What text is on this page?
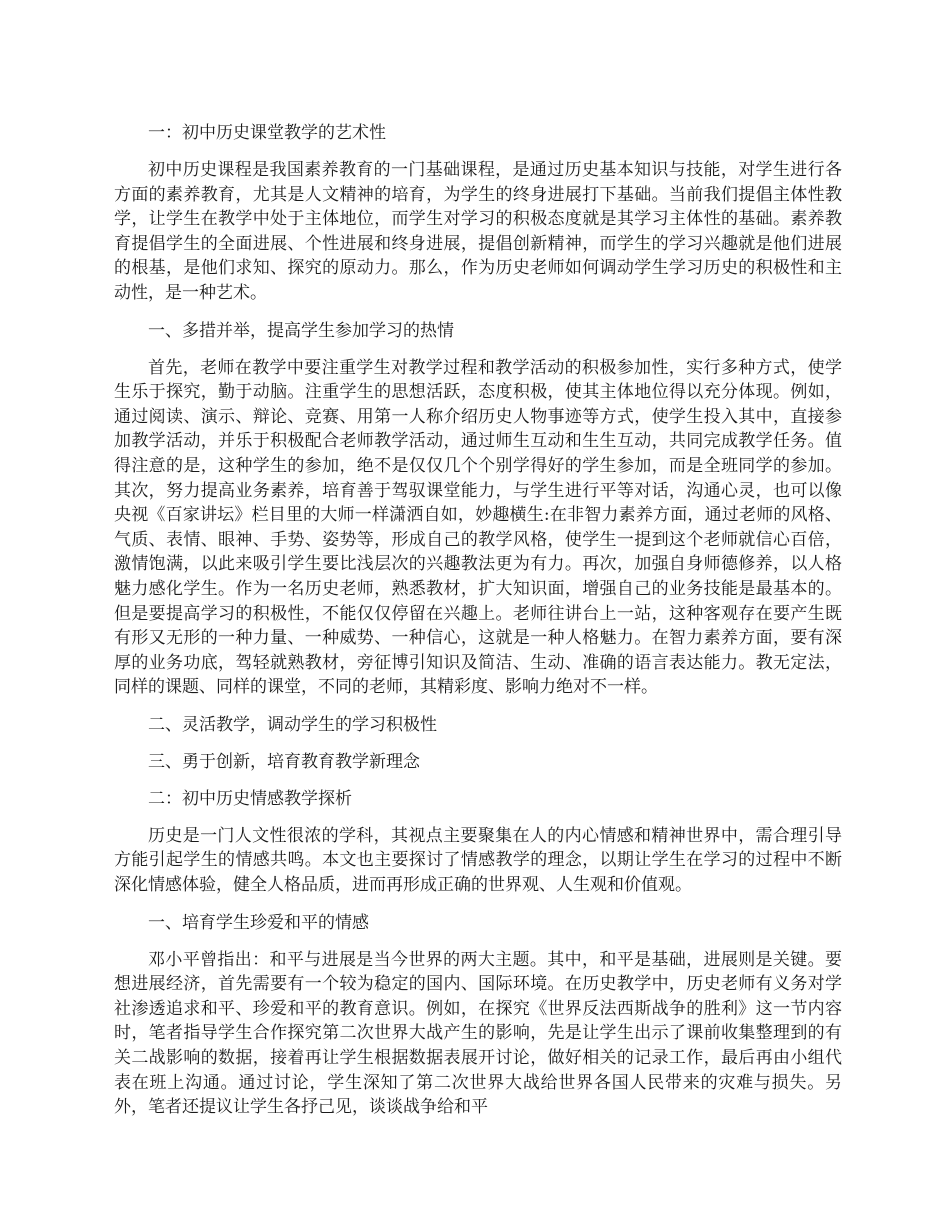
一：初中历史课堂教学的艺术性

初中历史课程是我国素养教育的一门基础课程，是通过历史基本知识与技能，对学生进行各方面的素养教育，尤其是人文精神的培育，为学生的终身进展打下基础。当前我们提倡主体性教学，让学生在教学中处于主体地位，而学生对学习的积极态度就是其学习主体性的基础。素养教育提倡学生的全面进展、个性进展和终身进展，提倡创新精神，而学生的学习兴趣就是他们进展的根基，是他们求知、探究的原动力。那么，作为历史老师如何调动学生学习历史的积极性和主动性，是一种艺术。

一、多措并举，提高学生参加学习的热情

首先，老师在教学中要注重学生对教学过程和教学活动的积极参加性，实行多种方式，使学生乐于探究，勤于动脑。注重学生的思想活跃，态度积极，使其主体地位得以充分体现。例如，通过阅读、演示、辩论、竞赛、用第一人称介绍历史人物事迹等方式，使学生投入其中，直接参加教学活动，并乐于积极配合老师教学活动，通过师生互动和生生互动，共同完成教学任务。值得注意的是，这种学生的参加，绝不是仅仅几个个别学得好的学生参加，而是全班同学的参加。其次，努力提高业务素养，培育善于驾驭课堂能力，与学生进行平等对话，沟通心灵，也可以像央视《百家讲坛》栏目里的大师一样潇洒自如，妙趣横生:在非智力素养方面，通过老师的风格、气质、表情、眼神、手势、姿势等，形成自己的教学风格，使学生一提到这个老师就信心百倍，激情饱满，以此来吸引学生要比浅层次的兴趣教法更为有力。再次，加强自身师德修养，以人格魅力感化学生。作为一名历史老师，熟悉教材，扩大知识面，增强自己的业务技能是最基本的。但是要提高学习的积极性，不能仅仅停留在兴趣上。老师往讲台上一站，这种客观存在要产生既有形又无形的一种力量、一种威势、一种信心，这就是一种人格魅力。在智力素养方面，要有深厚的业务功底，驾轻就熟教材，旁征博引知识及简洁、生动、准确的语言表达能力。教无定法，同样的课题、同样的课堂，不同的老师，其精彩度、影响力绝对不一样。

二、灵活教学，调动学生的学习积极性
三、勇于创新，培育教育教学新理念
二：初中历史情感教学探析

历史是一门人文性很浓的学科，其视点主要聚集在人的内心情感和精神世界中，需合理引导方能引起学生的情感共鸣。本文也主要探讨了情感教学的理念，以期让学生在学习的过程中不断深化情感体验，健全人格品质，进而再形成正确的世界观、人生观和价值观。

一、培育学生珍爱和平的情感

邓小平曾指出：和平与进展是当今世界的两大主题。其中，和平是基础，进展则是关键。要想进展经济，首先需要有一个较为稳定的国内、国际环境。在历史教学中，历史老师有义务对学社渗透追求和平、珍爱和平的教育意识。例如，在探究《世界反法西斯战争的胜利》这一节内容时，笔者指导学生合作探究第二次世界大战产生的影响，先是让学生出示了课前收集整理到的有关二战影响的数据，接着再让学生根据数据表展开讨论，做好相关的记录工作，最后再由小组代表在班上沟通。通过讨论，学生深知了第二次世界大战给世界各国人民带来的灾难与损失。另外，笔者还提议让学生各抒己见，谈谈战争给和平
